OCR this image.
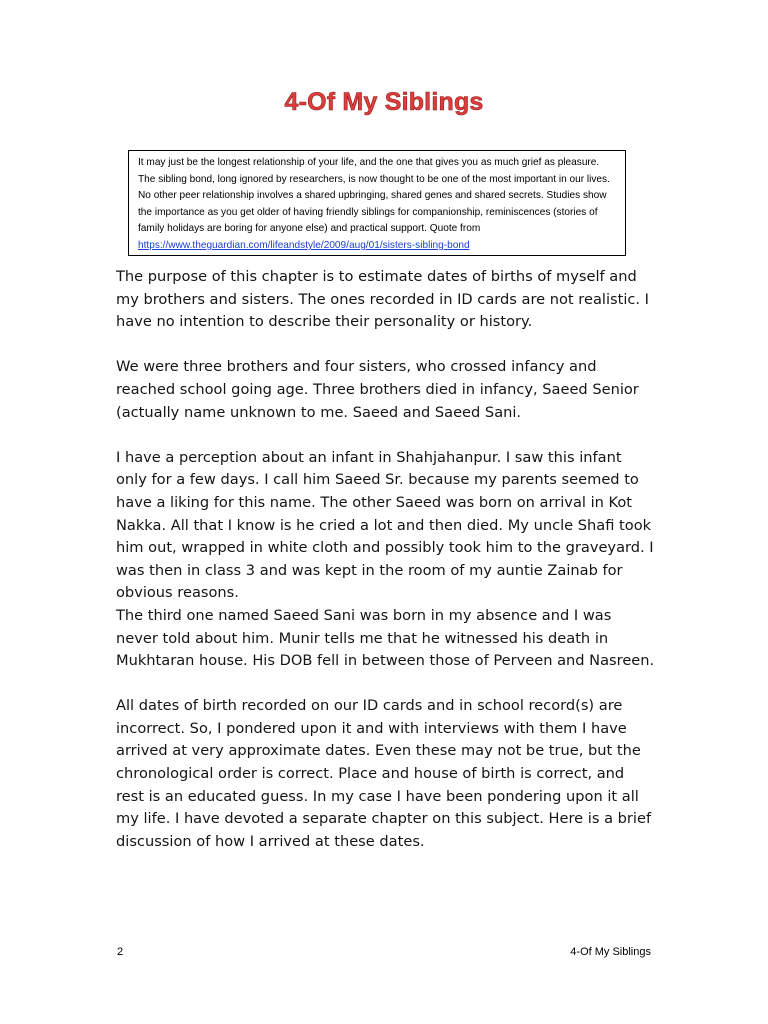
4-Of My Siblings
It may just be the longest relationship of your life, and the one that gives you as much grief as pleasure. The sibling bond, long ignored by researchers, is now thought to be one of the most important in our lives. No other peer relationship involves a shared upbringing, shared genes and shared secrets. Studies show the importance as you get older of having friendly siblings for companionship, reminiscences (stories of family holidays are boring for anyone else) and practical support. Quote from https://www.theguardian.com/lifeandstyle/2009/aug/01/sisters-sibling-bond

The purpose of this chapter is to estimate dates of births of myself and my brothers and sisters. The ones recorded in ID cards are not realistic. I have no intention to describe their personality or history.

We were three brothers and four sisters, who crossed infancy and reached school going age. Three brothers died in infancy, Saeed Senior (actually name unknown to me. Saeed and Saeed Sani.

I have a perception about an infant in Shahjahanpur. I saw this infant only for a few days. I call him Saeed Sr. because my parents seemed to have a liking for this name. The other Saeed was born on arrival in Kot Nakka. All that I know is he cried a lot and then died. My uncle Shafi took him out, wrapped in white cloth and possibly took him to the graveyard. I was then in class 3 and was kept in the room of my auntie Zainab for obvious reasons.

The third one named Saeed Sani was born in my absence and I was never told about him. Munir tells me that he witnessed his death in Mukhtaran house. His DOB fell in between those of Perveen and Nasreen.

All dates of birth recorded on our ID cards and in school record(s) are incorrect. So, I pondered upon it and with interviews with them I have arrived at very approximate dates. Even these may not be true, but the chronological order is correct. Place and house of birth is correct, and rest is an educated guess. In my case I have been pondering upon it all my life. I have devoted a separate chapter on this subject. Here is a brief discussion of how I arrived at these dates.

2	4-Of My Siblings
